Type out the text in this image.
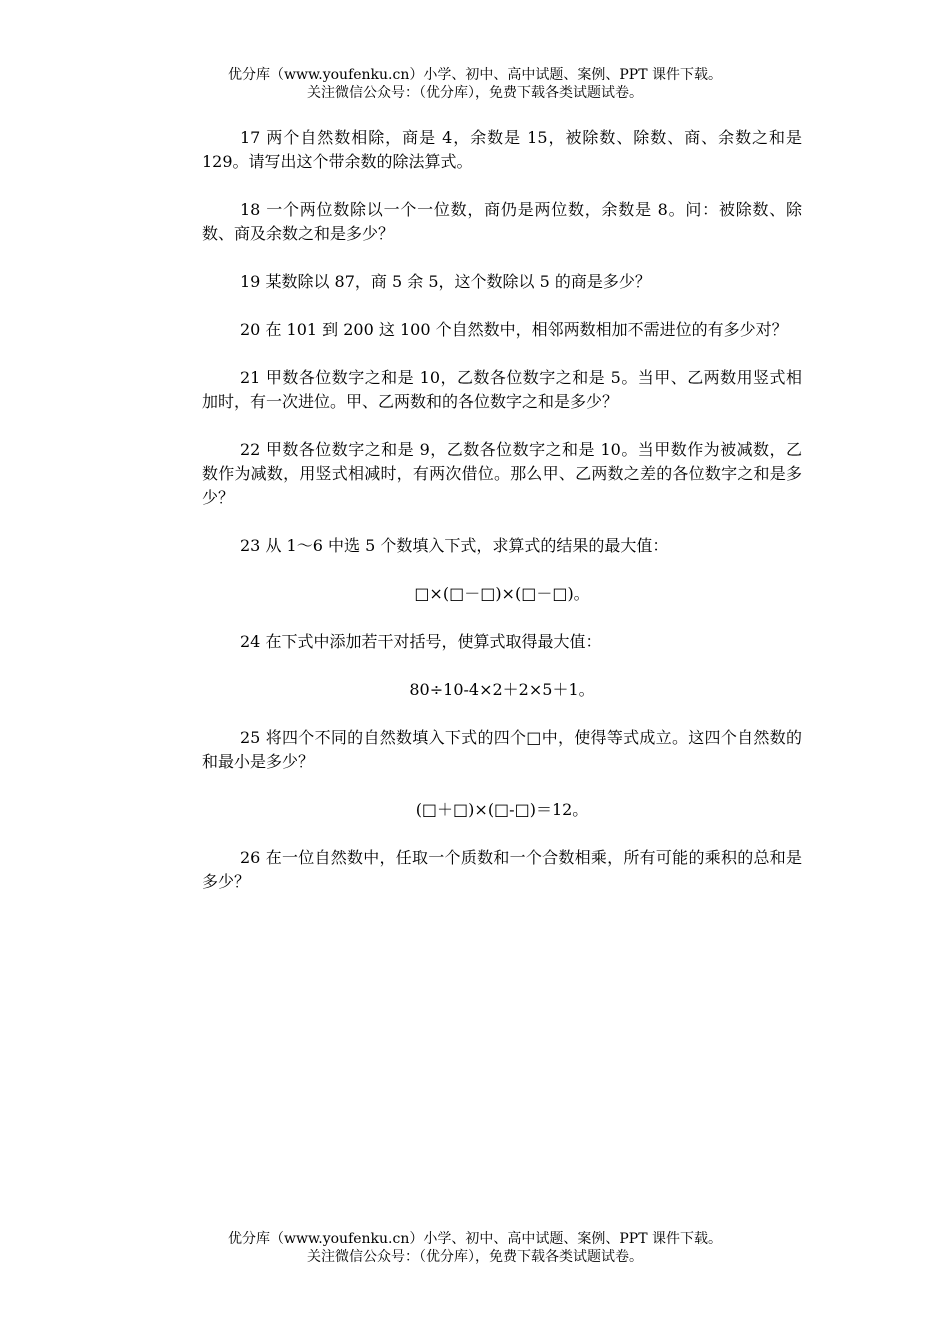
优分库（www.youfenku.cn）小学、初中、高中试题、案例、PPT 课件下载。
关注微信公众号：（优分库），免费下载各类试题试卷。

17 两个自然数相除，商是 4，余数是 15，被除数、除数、商、余数之和是 129。请写出这个带余数的除法算式。

18 一个两位数除以一个一位数，商仍是两位数，余数是 8。问：被除数、除数、商及余数之和是多少？

19 某数除以 87，商 5 余 5，这个数除以 5 的商是多少？

20 在 101 到 200 这 100 个自然数中，相邻两数相加不需进位的有多少对？

21 甲数各位数字之和是 10，乙数各位数字之和是 5。当甲、乙两数用竖式相加时，有一次进位。甲、乙两数和的各位数字之和是多少？

22 甲数各位数字之和是 9，乙数各位数字之和是 10。当甲数作为被减数，乙数作为减数，用竖式相减时，有两次借位。那么甲、乙两数之差的各位数字之和是多少？

23 从 1～6 中选 5 个数填入下式，求算式的结果的最大值：

□×(□－□)×(□－□)。

24 在下式中添加若干对括号，使算式取得最大值：

80÷10-4×2＋2×5＋1。

25 将四个不同的自然数填入下式的四个□中，使得等式成立。这四个自然数的和最小是多少？

(□＋□)×(□-□)＝12。

26 在一位自然数中，任取一个质数和一个合数相乘，所有可能的乘积的总和是多少？

优分库（www.youfenku.cn）小学、初中、高中试题、案例、PPT 课件下载。
关注微信公众号：（优分库），免费下载各类试题试卷。
